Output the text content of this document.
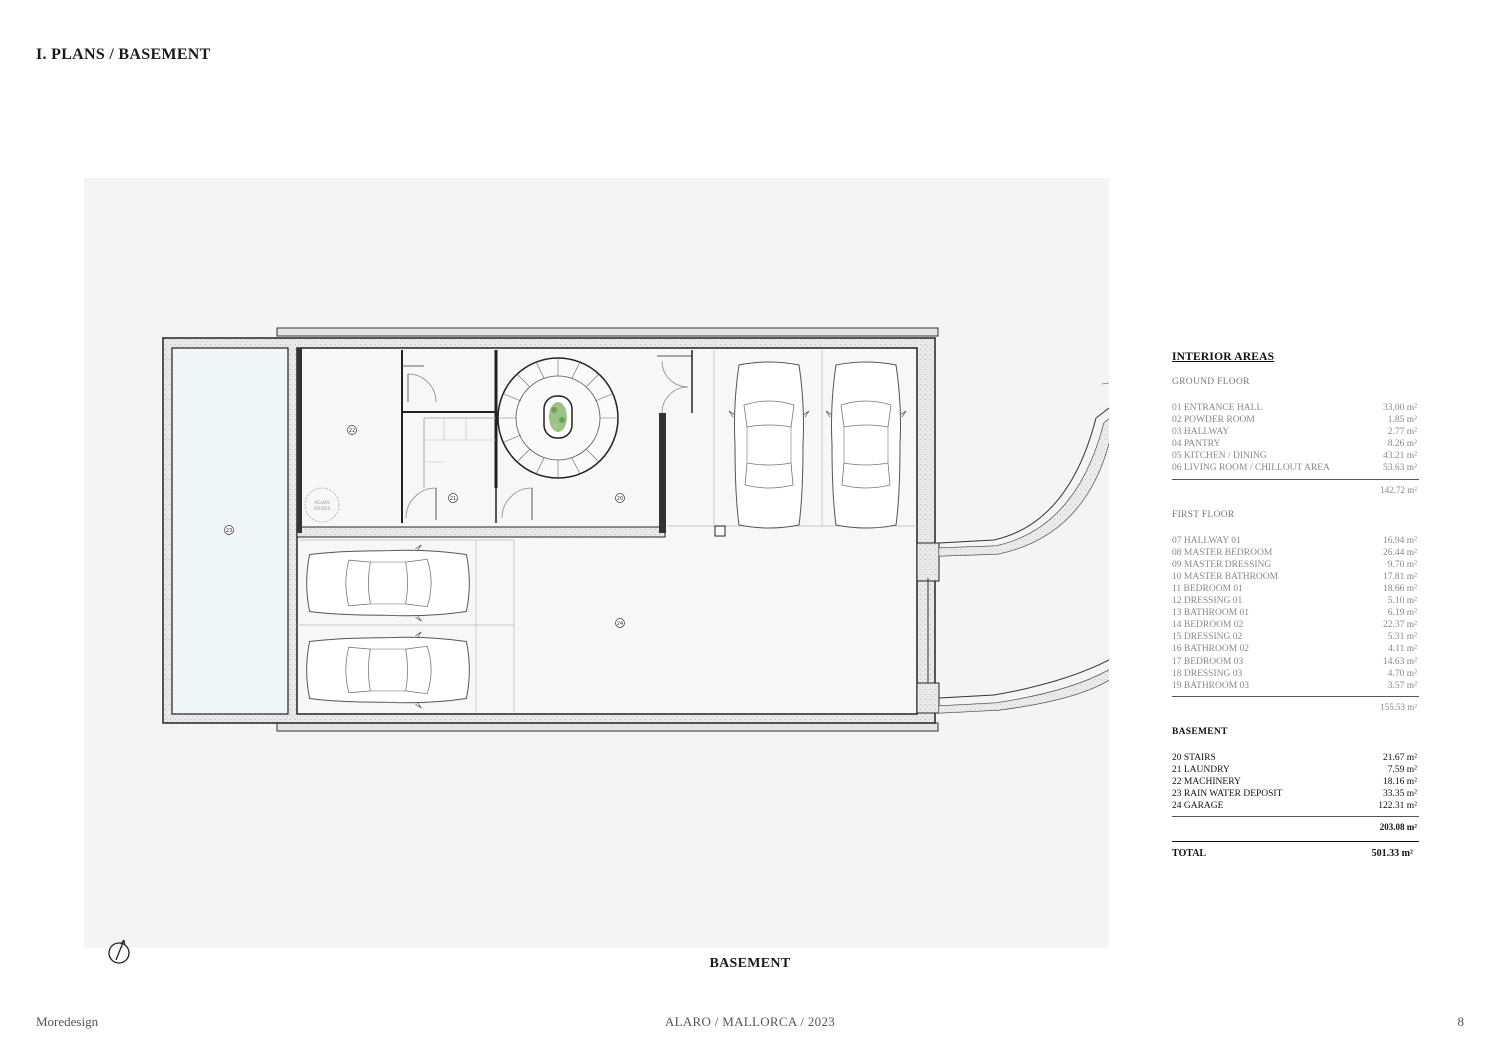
I. PLANS / BASEMENT
22
21	20
23
24
AGUAS
GRISES
BASEMENT
INTERIOR AREAS
GROUND FLOOR
01 ENTRANCE HALL	33,00 m²
02 POWDER ROOM	1.85 m²
03 HALLWAY	2.77 m²
04 PANTRY	8.26 m²
05 KITCHEN / DINING	43.21 m²
06 LIVING ROOM / CHILLOUT AREA	53.63 m²
142.72 m²
FIRST FLOOR
07 HALLWAY 01	16.94 m²
08 MASTER BEDROOM	26.44 m²
09 MASTER DRESSING	9.70 m²
10 MASTER BATHROOM	17.81 m²
11 BEDROOM 01	18.66 m²
12 DRESSING 01	5.10 m²
13 BATHROOM 01	6.19 m²
14 BEDROOM 02	22.37 m²
15 DRESSING 02	5.31 m²
16 BATHROOM 02	4.11 m²
17 BEDROOM 03	14.63 m²
18 DRESSING 03	4.70 m²
19 BATHROOM 03	3.57 m²
155.53 m²
BASEMENT
20 STAIRS	21.67 m²
21 LAUNDRY	7.59 m²
22 MACHINERY	18.16 m²
23 RAIN WATER DEPOSIT	33.35 m²
24 GARAGE	122.31 m²
203.08 m²
TOTAL	501.33 m²
Moredesign	ALARO / MALLORCA / 2023	8
